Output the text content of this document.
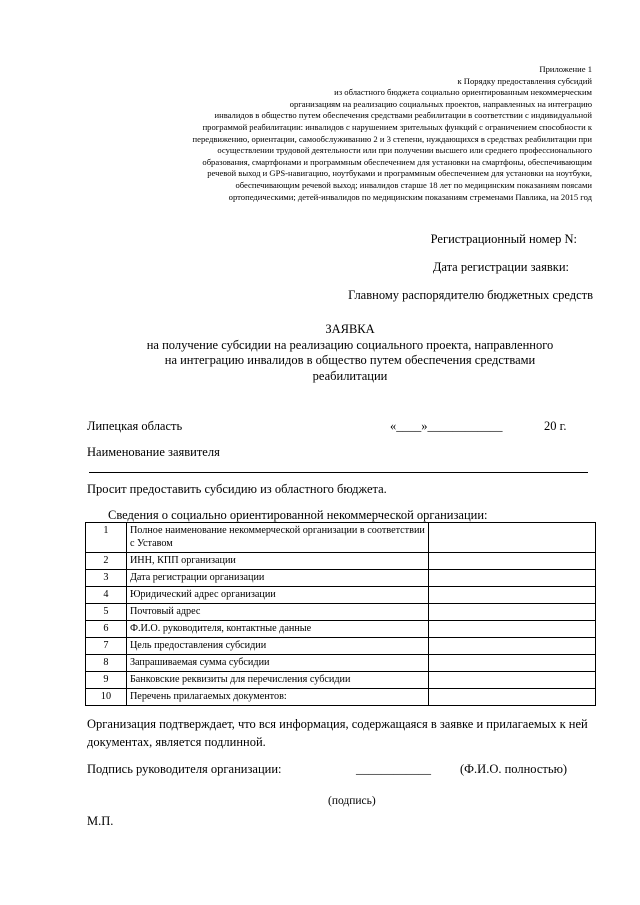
Приложение 1
к Порядку предоставления субсидий
из областного бюджета социально ориентированным некоммерческим
организациям на реализацию социальных проектов, направленных на интеграцию
инвалидов в общество путем обеспечения средствами реабилитации в соответствии с индивидуальной
программой реабилитации: инвалидов с нарушением зрительных функций с ограничением способности к
передвижению, ориентации, самообслуживанию 2 и 3 степени, нуждающихся в средствах реабилитации при
осуществлении трудовой деятельности или при получении высшего или среднего профессионального
образования, смартфонами и программным обеспечением для установки на смартфоны, обеспечивающим
речевой выход и GPS-навигацию, ноутбуками и программным обеспечением для установки на ноутбуки,
обеспечивающим речевой выход; инвалидов старше 18 лет по медицинским показаниям поясами
ортопедическими; детей-инвалидов по медицинским показаниям стременами Павлика, на 2015 год
Регистрационный номер N:
Дата регистрации заявки:
Главному распорядителю бюджетных средств
ЗАЯВКА
на получение субсидии на реализацию социального проекта, направленного
на интеграцию инвалидов в общество путем обеспечения средствами
реабилитации
Липецкая область	«____»____________	20 г.
Наименование заявителя
Просит предоставить субсидию из областного бюджета.
Сведения о социально ориентированной некоммерческой организации:
1	Полное наименование некоммерческой организации в соответствии с Уставом	
2	ИНН, КПП организации	
3	Дата регистрации организации	
4	Юридический адрес организации	
5	Почтовый адрес	
6	Ф.И.О. руководителя, контактные данные	
7	Цель предоставления субсидии	
8	Запрашиваемая сумма субсидии	
9	Банковские реквизиты для перечисления субсидии	
10	Перечень прилагаемых документов:	
Организация подтверждает, что вся информация, содержащаяся в заявке и прилагаемых к ней документах, является подлинной.
Подпись руководителя организации:	____________ (Ф.И.О. полностью)
(подпись)
М.П.
